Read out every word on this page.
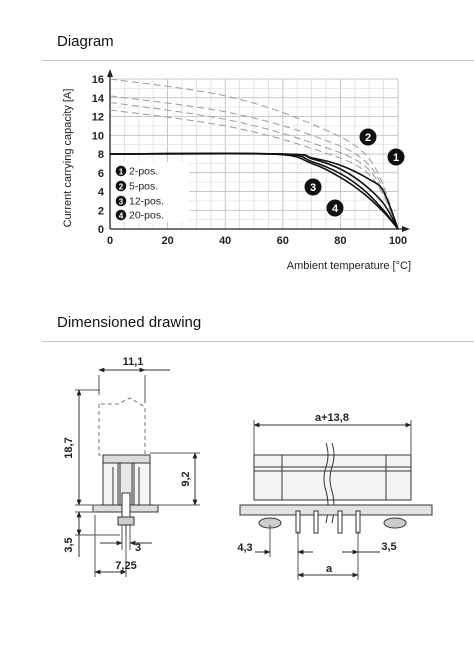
Diagram
1
2
3
4
0	20	40	60	80	100
0
2
4
6
8
10
12
14
16
Current carrying capacity [A]
Ambient temperature [°C]
1 2-pos.
2 5-pos.
3 12-pos.
4 20-pos.
Dimensioned drawing
11,1
18,7
9,2
3,5	3
7,25
a+13,8
4,3	3,5
a
